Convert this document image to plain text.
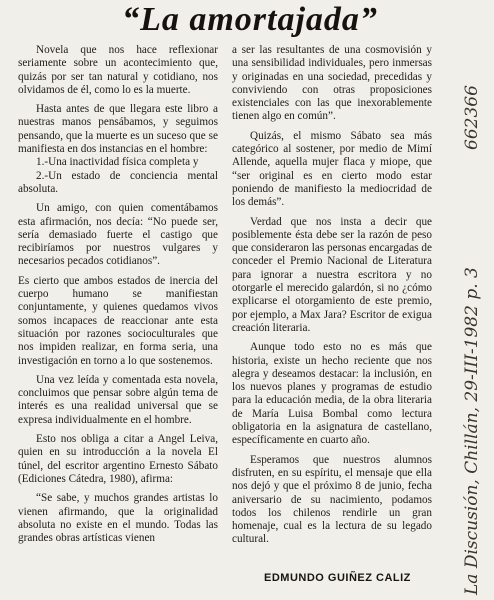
“La amortajada”

Novela que nos hace reflexionar seriamente sobre un acontecimiento que, quizás por ser tan natural y cotidiano, nos olvidamos de él, como lo es la muerte.

Hasta antes de que llegara este libro a nuestras manos pensábamos, y seguimos pensando, que la muerte es un suceso que se manifiesta en dos instancias en el hombre:

1.-Una inactividad física completa y

2.-Un estado de conciencia mental absoluta.

Un amigo, con quien comentábamos esta afirmación, nos decía: “No puede ser, sería demasiado fuerte el castigo que recibiríamos por nuestros vulgares y necesarios pecados cotidianos”.

Es cierto que ambos estados de inercia del cuerpo humano se manifiestan conjuntamente, y quienes quedamos vivos somos incapaces de reaccionar ante esta situación por razones socioculturales que nos impiden realizar, en forma seria, una investigación en torno a lo que sostenemos.

Una vez leída y comentada esta novela, concluimos que pensar sobre algún tema de interés es una realidad universal que se expresa individualmente en el hombre.

Esto nos obliga a citar a Angel Leiva, quien en su introducción a la novela El túnel, del escritor argentino Ernesto Sábato (Ediciones Cátedra, 1980), afirma:

“Se sabe, y muchos grandes artistas lo vienen afirmando, que la originalidad absoluta no existe en el mundo. Todas las grandes obras artísticas vienen

a ser las resultantes de una cosmovisión y una sensibilidad individuales, pero inmersas y originadas en una sociedad, precedidas y conviviendo con otras proposiciones existenciales con las que inexorablemente tienen algo en común”.

Quizás, el mismo Sábato sea más categórico al sostener, por medio de Mimí Allende, aquella mujer flaca y miope, que “ser original es en cierto modo estar poniendo de manifiesto la mediocridad de los demás”.

Verdad que nos insta a decir que posiblemente ésta debe ser la razón de peso que consideraron las personas encargadas de conceder el Premio Nacional de Literatura para ignorar a nuestra escritora y no otorgarle el merecido galardón, si no ¿cómo explicarse el otorgamiento de este premio, por ejemplo, a Max Jara? Escritor de exigua creación literaria.

Aunque todo esto no es más que historia, existe un hecho reciente que nos alegra y deseamos destacar: la inclusión, en los nuevos planes y programas de estudio para la educación media, de la obra literaria de María Luisa Bombal como lectura obligatoria en la asignatura de castellano, específicamente en cuarto año.

Esperamos que nuestros alumnos disfruten, en su espíritu, el mensaje que ella nos dejó y que el próximo 8 de junio, fecha aniversario de su nacimiento, podamos todos los chilenos rendirle un gran homenaje, cual es la lectura de su legado cultural.

EDMUNDO GUIÑEZ CALIZ	La Discusión, Chillán, 29-III-1982 p. 3
662366
